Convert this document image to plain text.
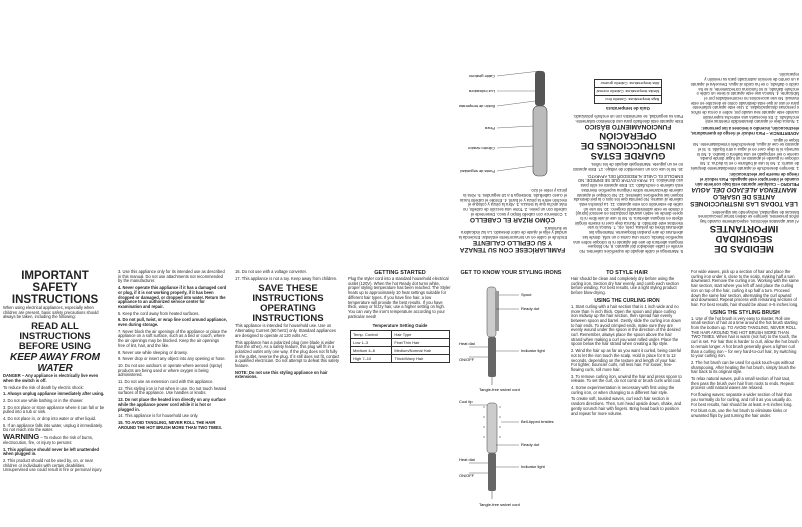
MEDIDAS DE SEGURIDAD IMPORTANTES

Al usar aparatos eléctricos, especialmente cuando hay niños presentes, siempre se deben tomar precauciones básicas de seguridad, incluyendo las siguientes:

LEA TODAS LAS INSTRUCCIONES ANTES DE USARLO
MANTENGA ALEJADO DEL AGUA

PELIGRO – Cualquier aparato está bajo corriente aún cuando el interruptor esté apagado. Para reducir el riesgo de muerte por electrocución:

1. Siempre desenchufe el aparato inmediatamente después de usarlo. 2. No lo use al bañarse o en la ducha. 3. No coloque ni guarde el aparato en un lugar donde pueda caerse o ser empujado en una bañera o lavabo. 4. No lo sumerja ni lo deje caer en el agua u otro líquido. 5. Si el aparato se cae al agua, desenchúfelo inmediatamente. No toque el agua.

ADVERTENCIA – Para reducir el riesgo de quemaduras, electrocución, incendio o lesiones a las personas:

1. Nunca deje el aparato desatendido mientras esté enchufado. 2. Es necesaria una estrecha supervisión cuando este aparato sea usado por, sobre o cerca de niños o personas discapacitadas. 3. Use este aparato solamente para el uso al que está destinado como se describe en este manual. No use accesorios no recomendados por el fabricante. 4. Nunca use este aparato si tiene un cable o enchufe dañado, si no funciona correctamente, si se ha caído o dañado, o se ha caído al agua. Devuelva el aparato a un centro de servicio autorizado para su revisión y reparación.

5. Mantenga el cable alejado de superficies calientes. No enrolle el cable alrededor del aparato. 6. No bloquee ninguna abertura de aire del aparato ni lo coloque sobre una superficie blanda, como una cama o un sofá, donde las aberturas de aire puedan bloquearse. Mantenga las aberturas libres de pelusa, pelo, etc. 7. Nunca lo use mientras esté dormido. 8. Nunca deje caer ni inserte ningún objeto en ninguna abertura. 9. No lo use al aire libre ni lo opere donde se estén usando productos en aerosol (spray) o donde se esté administrando oxígeno. 10. No use un cable de extensión con este aparato. 11. La plancha está caliente al usarse. No permita que los ojos o la piel desnuda toquen las superficies calientes. 12. No coloque el aparato caliente directamente sobre ninguna superficie mientras está caliente o enchufado. 13. Este aparato es sólo para uso doméstico. 14. PARA EVITAR QUE SE ENREDE, NO ENROLLE EL CABLE ALREDEDOR DEL APARATO.

16. No lo use con un convertidor de voltaje. 17. Este aparato no es un juguete. Manténgalo alejado de los niños.

GUARDE ESTAS INSTRUCCIONES DE OPERACIÓN
FUNCIONAMIENTO BÁSICO

Este aparato está diseñado para uso doméstico solamente. Para su seguridad, se suministra con un enchufe polarizado.

Guía de temperatura
Baja temperatura: Cabello fino
Media temperatura: Cabello normal
Alta temperatura: Cabello grueso
FAMILIARÍCESE CON SU TENAZA Y SU CEPILLO CALIENTE

Enchufe el cable en un tomacorriente estándar. Encienda la unidad y elija el ajuste de calor deseado. La luz indicadora se iluminará.

CÓMO RIZAR EL CABELLO

1. Comience con cabello limpio y seco. Desenrede el cabello con un peine. 2. Tome una sección de cabello, no más ancha que la tenaza. 3. Abra la pinza y coloque el mechón entre la pinza y el barril. 4. Enrolle el cabello hacia el cuero cabelludo. Sostenga 5 a 10 segundos. 5. Abra la pinza y retire el rizo.

Punta de seguridad
Cilindro rizador
Pinza
Botón de temperatura
Luz indicadora
Cable giratorio
IMPORTANT SAFETY INSTRUCTIONS

When using electrical appliances, especially when children are present, basic safety precautions should always be taken, including the following:

READ ALL INSTRUCTIONS BEFORE USING
KEEP AWAY FROM WATER

DANGER – Any appliance is electrically live even when the switch is off.

To reduce the risk of death by electric shock:

1. Always unplug appliance immediately after using.

2. Do not use while bathing or in the shower.

3. Do not place or store appliance where it can fall or be pulled into a tub or sink.

4. Do not place in, or drop into water or other liquid.

5. If an appliance falls into water, unplug it immediately. Do not reach into the water.

WARNING – To reduce the risk of burns, electrocution, fire, or injury to persons:

1. This appliance should never be left unattended when plugged in.

2. This product should not be used by, on, or near children or individuals with certain disabilities. Unsupervised use could result in fire or personal injury.

3. Use this appliance only for its intended use as described in this manual. Do not use attachments not recommended by the manufacturer.

4. Never operate this appliance if it has a damaged cord or plug, if it is not working properly, if it has been dropped or damaged, or dropped into water. Return the appliance to an authorized service center for examination and repair.

5. Keep the cord away from heated surfaces.

6. Do not pull, twist, or wrap line cord around appliance, even during storage.

7. Never block the air openings of the appliance or place the appliance on a soft surface, such as a bed or couch, where the air openings may be blocked. Keep the air openings free of lint, hair, and the like.

8. Never use while sleeping or drowsy.

9. Never drop or insert any object into any opening or hose.

10. Do not use outdoors or operate where aerosol (spray) products are being used or where oxygen is being administered.

11. Do not use an extension cord with this appliance.

12. This styling iron is hot when in use. Do not touch heated surfaces of the appliance. Use handles or knobs.

13. Do not place the heated iron directly on any surface while the appliance power cord while it is hot or plugged in.

14. This appliance is for household use only.

15. TO AVOID TANGLING, NEVER ROLL THE HAIR AROUND THE HOT BRUSH MORE THAN TWO TIMES.

16. Do not use with a voltage converter.

17. This appliance is not a toy. Keep away from children.

SAVE THESE INSTRUCTIONS
OPERATING INSTRUCTIONS

This appliance is intended for household use. Use on Alternating Current (60 hertz) only. Standard appliances are designed to operate at 120 volts AC.

This appliance has a polarized plug (one blade is wider than the other). As a safety feature, this plug will fit in a polarized outlet only one way. If the plug does not fit fully in the outlet, reverse the plug. If it still does not fit, contact a qualified electrician. Do not attempt to defeat this safety feature.

NOTE: Do not use this styling appliance on hair extensions.

GETTING STARTED

Plug the styler cord into a standard household electrical outlet (120V). When the hot Ready dot turns white, proper styling temperature has been reached. The Styler heats up to approximately 10 heat settings suitable for different hair types. If you have fine hair, a low temperature will provide the best results. If you have thick, wavy or frizzy hair, use a higher setting on high. You can vary the iron's temperature according to your particular need!

Temperature Setting Guide
Temp. Control	Hair Type
Low 1–3	Fine/Thin Hair
Medium 4–6	Medium/Normal Hair
High 7–10	Thick/Wavy Hair
GET TO KNOW YOUR STYLING IRONS
Spout
Ready dot
Heat dial
ON/OFF
Indicator light
Tangle-free swivel cord
Cool tip
Bell-tipped bristles
Ready dot
Heat dial
ON/OFF
Indicator light
Tangle-free swivel cord
TO STYLE HAIR

Hair should be clean and completely dry before using the curling iron. Section dry hair evenly, and comb each section before winding. For best results, use a light styling product before blow-drying.

USING THE CURLING IRON

1. Start curling with a hair section that is 1 inch wide and no more than ½ inch thick. Open the spoon and place curling iron midway up the hair section, then spread hair evenly between spoon and barrel. Gently slide the curling iron down to hair ends. To avoid crimped ends, make sure they are evenly wound under the spoon in the direction of the desired curl. Remember, always place the spoon above the hair strand when making a curl you want rolled under. Place the spoon below the hair strand when creating a flip style.

2. Wind the hair up as far as you want it curled, being careful not to let the iron touch the scalp. Hold in place for 8 to 12 seconds, depending on the texture and length of your hair. For tighter, bouncier curls, roll less hair. For looser, free-flowing curls, roll more hair.

3. To remove curling iron, unwind the hair and press spoon to release. To set the curl, do not comb or brush curls until cool.

4. Some experimentation is necessary with first using the curling iron, or when changing to a different hair style.

To create soft, tousled waves, curl each hair section in random directions. Then, turn head upside down, shake, and gently scrunch hair with fingers. Bring head back to position and repeat for more volume.

For wide waves, pick up a section of hair and place the curling iron under it, close to the scalp, making half a turn downward. Remove the curling iron. Working with the same hair section, start where you left off and place the curling iron on top of the hair, curling it up half a turn. Proceed down the same hair section, alternating the curl upward and downward. Repeat process with remaining sections of hair. For best results, hair should be about 4–5 inches long.

USING THE STYLING BRUSH

1. Use of the hot brush is very easy to master. Roll one small section of hair at a time around the hot brush starting from the bottom up. TO AVOID TANGLING, NEVER ROLL THE HAIR AROUND THE HOT BRUSH MORE THAN TWO TIMES. When hair is warm (not hot) to the touch, the curl is set. For hair that is harder to curl, allow the hot brush to remain longer. A hot brush generally gives a lighter curl than a curling iron – for very hard-to-curl hair, try switching to your curling iron.

2. The hot brush can be used for quick touch-ups without shampooing. After heating the hot brush, simply brush the hair back to its original style.

To relax natural waves, pull a small section of hair taut, then pass the brush over hair from roots to ends. Repeat process until natural waves are relaxed.

For flowing waves: separate a wider section of hair than you normally do for curling, and roll it as you usually do. For best results, hair should be at least 4–5 inches long.

For blunt cuts, use the hot brush to eliminate kinks or unwanted flips by just turning the hair under.
